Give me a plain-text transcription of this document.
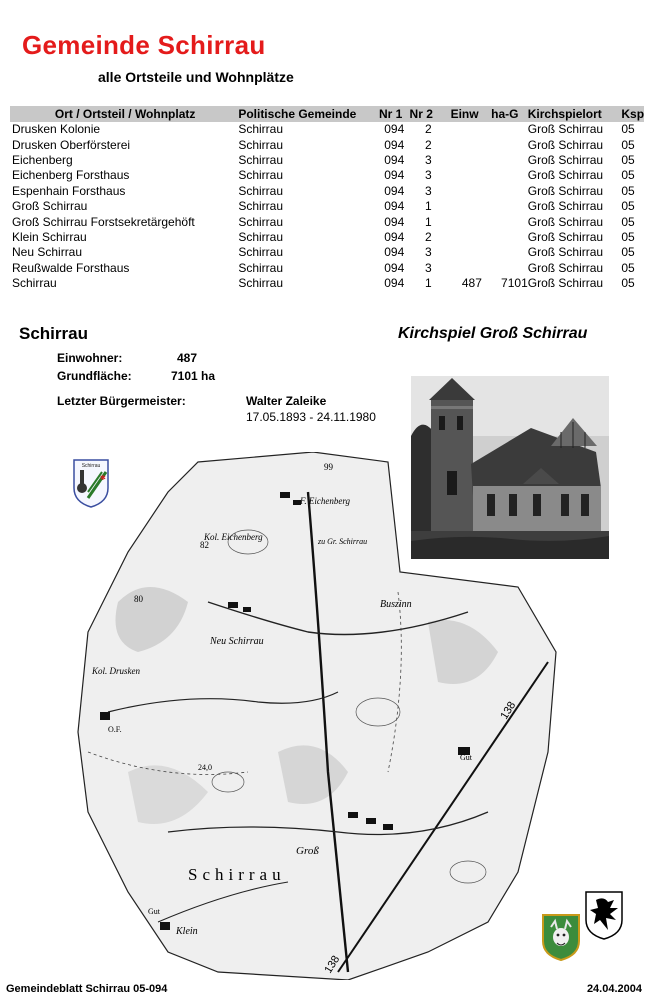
Gemeinde Schirrau
alle Ortsteile und Wohnplätze
Ort / Ortsteil / Wohnplatz	Politische Gemeinde	Nr 1	Nr 2	Einw	ha-G	Kirchspielort	Ksp
Drusken Kolonie	Schirrau	094	2			Groß Schirrau	05
Drusken Oberförsterei	Schirrau	094	2			Groß Schirrau	05
Eichenberg	Schirrau	094	3			Groß Schirrau	05
Eichenberg Forsthaus	Schirrau	094	3			Groß Schirrau	05
Espenhain Forsthaus	Schirrau	094	3			Groß Schirrau	05
Groß Schirrau	Schirrau	094	1			Groß Schirrau	05
Groß Schirrau Forstsekretärgehöft	Schirrau	094	1			Groß Schirrau	05
Klein Schirrau	Schirrau	094	2			Groß Schirrau	05
Neu Schirrau	Schirrau	094	3			Groß Schirrau	05
Reußwalde Forsthaus	Schirrau	094	3			Groß Schirrau	05
Schirrau	Schirrau	094	1	487	7101	Groß Schirrau	05
Schirrau	Kirchspiel Groß Schirrau
Einwohner:	487
Grundfläche:	7101 ha
Letzter Bürgermeister:	Walter Zaleike
17.05.1893 - 24.11.1980
F. Eichenberg
Kol. Eichenberg	zu Gr. Schirrau
Buszinn
Neu Schirrau
Kol. Drusken
O.F.
Groß
Schirrau
Gut
Gut
Klein
138
138
99
82
80
24,0
Schirrau
✱
Gemeindeblatt Schirrau 05-094	24.04.2004
